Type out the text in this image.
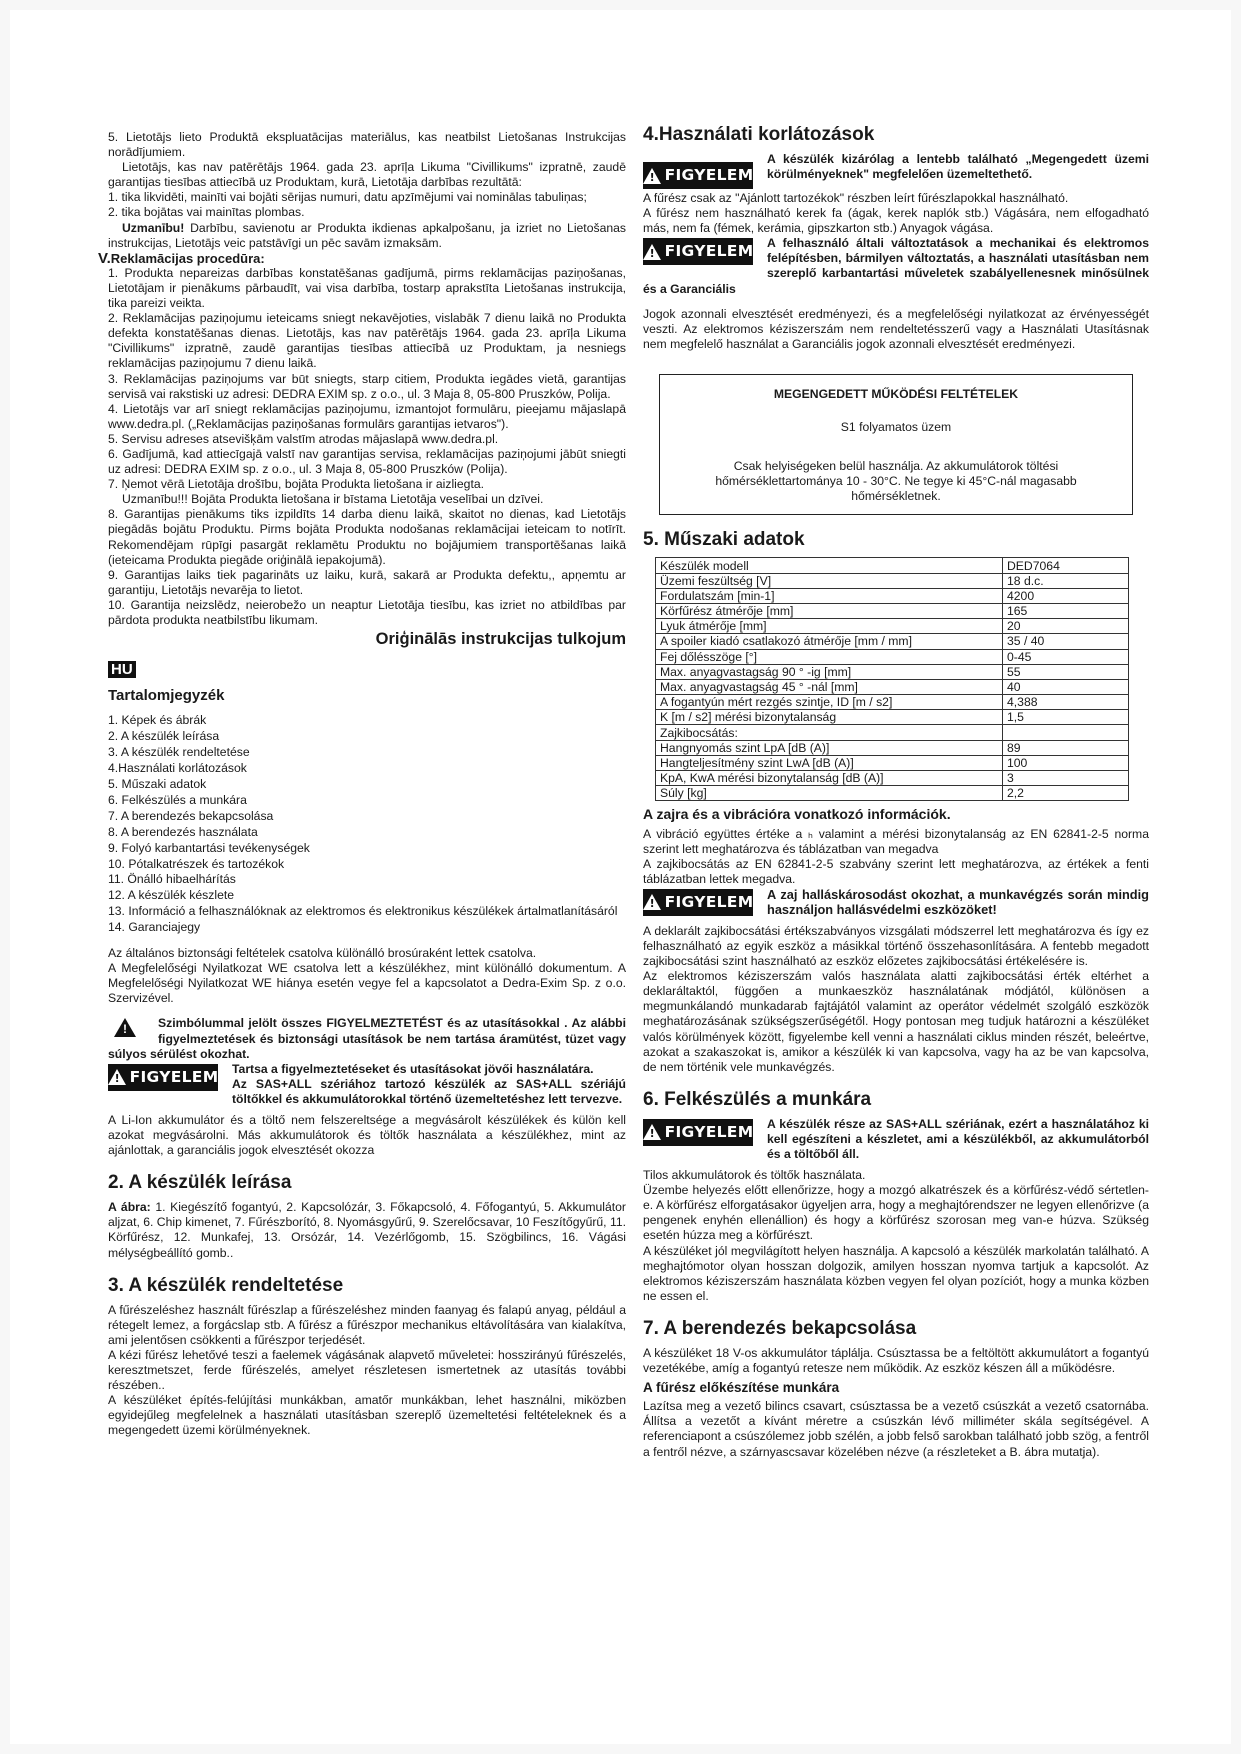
5. Lietotājs lieto Produktā ekspluatācijas materiālus, kas neatbilst Lietošanas Instrukcijas norādījumiem.

Lietotājs, kas nav patērētājs 1964. gada 23. aprīļa Likuma "Civillikums" izpratnē, zaudē garantijas tiesības attiecībā uz Produktam, kurā, Lietotāja darbības rezultātā:

1. tika likvidēti, mainīti vai bojāti sērijas numuri, datu apzīmējumi vai nominālas tabuliņas;

2. tika bojātas vai mainītas plombas.

Uzmanību! Darbību, savienotu ar Produkta ikdienas apkalpošanu, ja izriet no Lietošanas instrukcijas, Lietotājs veic patstāvīgi un pēc savām izmaksām.

V.Reklamācijas procedūra:

1. Produkta nepareizas darbības konstatēšanas gadījumā, pirms reklamācijas paziņošanas, Lietotājam ir pienākums pārbaudīt, vai visa darbība, tostarp aprakstīta Lietošanas instrukcija, tika pareizi veikta.

2. Reklamācijas paziņojumu ieteicams sniegt nekavējoties, vislabāk 7 dienu laikā no Produkta defekta konstatēšanas dienas. Lietotājs, kas nav patērētājs 1964. gada 23. aprīļa Likuma "Civillikums" izpratnē, zaudē garantijas tiesības attiecībā uz Produktam, ja nesniegs reklamācijas paziņojumu 7 dienu laikā.

3. Reklamācijas paziņojums var būt sniegts, starp citiem, Produkta iegādes vietā, garantijas servisā vai rakstiski uz adresi: DEDRA EXIM sp. z o.o., ul. 3 Maja 8, 05-800 Pruszków, Polija.

4. Lietotājs var arī sniegt reklamācijas paziņojumu, izmantojot formulāru, pieejamu mājaslapā www.dedra.pl. („Reklamācijas paziņošanas formulārs garantijas ietvaros").

5. Servisu adreses atsevišķām valstīm atrodas mājaslapā www.dedra.pl.

6. Gadījumā, kad attiecīgajā valstī nav garantijas servisa, reklamācijas paziņojumi jābūt sniegti uz adresi: DEDRA EXIM sp. z o.o., ul. 3 Maja 8, 05-800 Pruszków (Polija).

7. Ņemot vērā Lietotāja drošību, bojāta Produkta lietošana ir aizliegta.

Uzmanību!!! Bojāta Produkta lietošana ir bīstama Lietotāja veselībai un dzīvei.

8. Garantijas pienākums tiks izpildīts 14 darba dienu laikā, skaitot no dienas, kad Lietotājs piegādās bojātu Produktu. Pirms bojāta Produkta nodošanas reklamācijai ieteicam to notīrīt. Rekomendējam rūpīgi pasargāt reklamētu Produktu no bojājumiem transportēšanas laikā (ieteicama Produkta piegāde oriģinālā iepakojumā).

9. Garantijas laiks tiek pagarināts uz laiku, kurā, sakarā ar Produkta defektu,, apņemtu ar garantiju, Lietotājs nevarēja to lietot.

10. Garantija neizslēdz, neierobežo un neaptur Lietotāja tiesību, kas izriet no atbildības par pārdota produkta neatbilstību likumam.

Oriģinālās instrukcijas tulkojum
HU
Tartalomjegyzék
1. Képek és ábrák
2. A készülék leírása
3. A készülék rendeltetése
4.Használati korlátozások
5. Műszaki adatok
6. Felkészülés a munkára
7. A berendezés bekapcsolása
8. A berendezés használata
9. Folyó karbantartási tevékenységek
10. Pótalkatrészek és tartozékok
11. Önálló hibaelhárítás
12. A készülék készlete
13. Információ a felhasználóknak az elektromos és elektronikus készülékek ártalmatlanításáról
14. Garanciajegy

Az általános biztonsági feltételek csatolva különálló brosúraként lettek csatolva.

A Megfelelőségi Nyilatkozat WE csatolva lett a készülékhez, mint különálló dokumentum. A Megfelelőségi Nyilatkozat WE hiánya esetén vegye fel a kapcsolatot a Dedra-Exim Sp. z o.o. Szervizével.

!

Szimbólummal jelölt összes FIGYELMEZTETÉST és az utasításokkal . Az alábbi figyelmeztetések és biztonsági utasítások be nem tartása áramütést, tüzet vagy súlyos sérülést okozhat.

!
FIGYELEM	Tartsa a figyelmeztetéseket és utasításokat jövői használatára.

Az SAS+ALL szériához tartozó készülék az SAS+ALL szériájú töltőkkel és akkumulátorokkal történő üzemeltetéshez lett tervezve.

A Li-Ion akkumulátor és a töltő nem felszereltsége a megvásárolt készülékek és külön kell azokat megvásárolni. Más akkumulátorok és töltők használata a készülékhez, mint az ajánlottak, a garanciális jogok elvesztését okozza

2. A készülék leírása

A ábra: 1. Kiegészítő fogantyú, 2. Kapcsolózár, 3. Főkapcsoló, 4. Főfogantyú, 5. Akkumulátor aljzat, 6. Chip kimenet, 7. Fűrészborító, 8. Nyomásgyűrű, 9. Szerelőcsavar, 10 Feszítőgyűrű, 11. Körfűrész, 12. Munkafej, 13. Orsózár, 14. Vezérlőgomb, 15. Szögbilincs, 16. Vágási mélységbeállító gomb..

3. A készülék rendeltetése

A fűrészeléshez használt fűrészlap a fűrészeléshez minden faanyag és falapú anyag, például a rétegelt lemez, a forgácslap stb. A fűrész a fűrészpor mechanikus eltávolítására van kialakítva, ami jelentősen csökkenti a fűrészpor terjedését.

A kézi fűrész lehetővé teszi a faelemek vágásának alapvető műveletei: hosszirányú fűrészelés, keresztmetszet, ferde fűrészelés, amelyet részletesen ismertetnek az utasítás további részében..

A készüléket építés-felújítási munkákban, amatőr munkákban, lehet használni, miközben egyidejűleg megfelelnek a használati utasításban szereplő üzemeltetési feltételeknek és a megengedett üzemi körülményeknek.

4.Használati korlátozások
!
FIGYELEM

A készülék kizárólag a lentebb található „Megengedett üzemi körülményeknek" megfelelően üzemeltethető.

A fűrész csak az "Ajánlott tartozékok" részben leírt fűrészlapokkal használható.

A fűrész nem használható kerek fa (ágak, kerek naplók stb.) Vágására, nem elfogadható más, nem fa (fémek, kerámia, gipszkarton stb.) Anyagok vágása.

!
FIGYELEM	A felhasználó általi változtatások a mechanikai és elektromos felépítésben, bármilyen változtatás, a használati utasításban nem szereplő karbantartási műveletek szabályellenesnek minősülnek és a Garanciális

Jogok azonnali elvesztését eredményezi, és a megfelelőségi nyilatkozat az érvényességét veszti. Az elektromos kéziszerszám nem rendeltetésszerű vagy a Használati Utasításnak nem megfelelő használat a Garanciális jogok azonnali elvesztését eredményezi.

MEGENGEDETT MŰKÖDÉSI FELTÉTELEK
S1 folyamatos üzem
Csak helyiségeken belül használja. Az akkumulátorok töltési hőmérséklettartománya 10 - 30°C. Ne tegye ki 45°C-nál magasabb hőmérsékletnek.
5. Műszaki adatok
Készülék modell	DED7064
Üzemi feszültség [V]	18 d.c.
Fordulatszám [min-1]	4200
Körfűrész átmérője [mm]	165
Lyuk átmérője [mm]	20
A spoiler kiadó csatlakozó átmérője [mm / mm]	35 / 40
Fej dőlésszöge [°]	0-45
Max. anyagvastagság 90 ° -ig [mm]	55
Max. anyagvastagság 45 ° -nál [mm]	40
A fogantyún mért rezgés szintje, ID [m / s2]	4,388
K [m / s2] mérési bizonytalanság	1,5
Zajkibocsátás:	
Hangnyomás szint LpA [dB (A)]	89
Hangteljesítmény szint LwA [dB (A)]	100
KpA, KwA mérési bizonytalanság [dB (A)]	3
Súly [kg]	2,2
A zajra és a vibrációra vonatkozó információk.

A vibráció együttes értéke a ₕ valamint a mérési bizonytalanság az EN 62841-2-5 norma szerint lett meghatározva és táblázatban van megadva

A zajkibocsátás az EN 62841-2-5 szabvány szerint lett meghatározva, az értékek a fenti táblázatban lettek megadva.

!
FIGYELEM	A zaj halláskárosodást okozhat, a munkavégzés során mindig használjon hallásvédelmi eszközöket!

A deklarált zajkibocsátási értékszabványos vizsgálati módszerrel lett meghatározva és így ez felhasználható az egyik eszköz a másikkal történő összehasonlítására. A fentebb megadott zajkibocsátási szint használható az eszköz előzetes zajkibocsátási értékelésére is.

Az elektromos kéziszerszám valós használata alatti zajkibocsátási érték eltérhet a deklaráltaktól, függően a munkaeszköz használatának módjától, különösen a megmunkálandó munkadarab fajtájától valamint az operátor védelmét szolgáló eszközök meghatározásának szükségszerűségétől. Hogy pontosan meg tudjuk határozni a készüléket valós körülmények között, figyelembe kell venni a használati ciklus minden részét, beleértve, azokat a szakaszokat is, amikor a készülék ki van kapcsolva, vagy ha az be van kapcsolva, de nem történik vele munkavégzés.

6. Felkészülés a munkára
!
FIGYELEM	A készülék része az SAS+ALL szériának, ezért a használatához ki kell egészíteni a készletet, ami a készülékből, az akkumulátorból és a töltőből áll.

Tilos akkumulátorok és töltők használata.

Üzembe helyezés előtt ellenőrizze, hogy a mozgó alkatrészek és a körfűrész-védő sértetlen-e. A körfűrész elforgatásakor ügyeljen arra, hogy a meghajtórendszer ne legyen ellenőrizve (a pengenek enyhén ellenállion) és hogy a körfűrész szorosan meg van-e húzva. Szükség esetén húzza meg a körfűrészt.

A készüléket jól megvilágított helyen használja. A kapcsoló a készülék markolatán található. A meghajtómotor olyan hosszan dolgozik, amilyen hosszan nyomva tartjuk a kapcsolót. Az elektromos kéziszerszám használata közben vegyen fel olyan pozíciót, hogy a munka közben ne essen el.

7. A berendezés bekapcsolása

A készüléket 18 V-os akkumulátor táplálja. Csúsztassa be a feltöltött akkumulátort a fogantyú vezetékébe, amíg a fogantyú retesze nem működik. Az eszköz készen áll a működésre.

A fűrész előkészítése munkára

Lazítsa meg a vezető bilincs csavart, csúsztassa be a vezető csúszkát a vezető csatornába. Állítsa a vezetőt a kívánt méretre a csúszkán lévő milliméter skála segítségével. A referenciapont a csúszólemez jobb szélén, a jobb felső sarokban található jobb szög, a fentről a fentről nézve, a szárnyascsavar közelében nézve (a részleteket a B. ábra mutatja).
